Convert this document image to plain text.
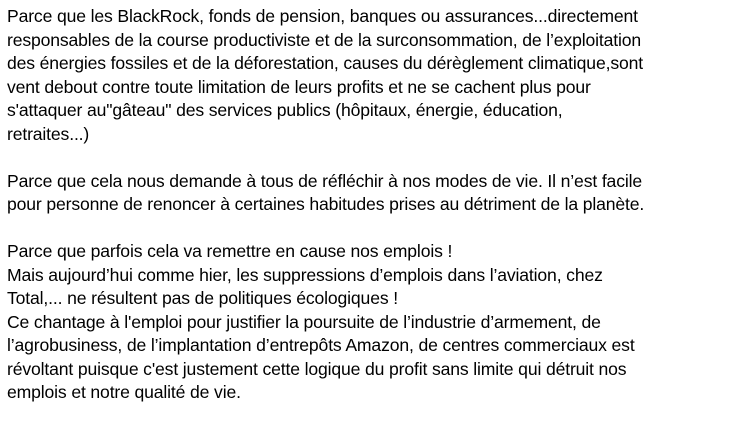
Parce que les BlackRock, fonds de pension, banques ou assurances...directement
responsables de la course productiviste et de la surconsommation, de l’exploitation
des énergies fossiles et de la déforestation, causes du dérèglement climatique,sont
vent debout contre toute limitation de leurs profits et ne se cachent plus pour
s'attaquer au"gâteau" des services publics (hôpitaux, énergie, éducation,
retraites...)
Parce que cela nous demande à tous de réfléchir à nos modes de vie. Il n’est facile
pour personne de renoncer à certaines habitudes prises au détriment de la planète.
Parce que parfois cela va remettre en cause nos emplois !
Mais aujourd’hui comme hier, les suppressions d’emplois dans l’aviation, chez
Total,... ne résultent pas de politiques écologiques !
Ce chantage à l'emploi pour justifier la poursuite de l’industrie d’armement, de
l’agrobusiness, de l’implantation d’entrepôts Amazon, de centres commerciaux est
révoltant puisque c'est justement cette logique du profit sans limite qui détruit nos
emplois et notre qualité de vie.
